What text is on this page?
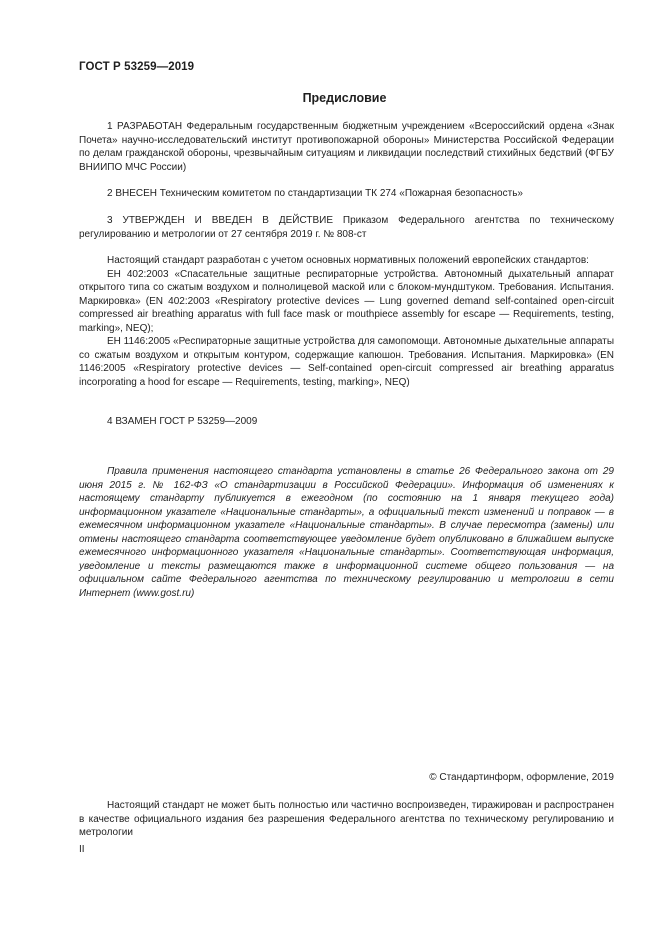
ГОСТ Р 53259—2019
Предисловие

1 РАЗРАБОТАН Федеральным государственным бюджетным учреждением «Всероссийский ордена «Знак Почета» научно-исследовательский институт противопожарной обороны» Министерства Российской Федерации по делам гражданской обороны, чрезвычайным ситуациям и ликвидации последствий стихийных бедствий (ФГБУ ВНИИПО МЧС России)

2 ВНЕСЕН Техническим комитетом по стандартизации ТК 274 «Пожарная безопасность»

3 УТВЕРЖДЕН И ВВЕДЕН В ДЕЙСТВИЕ Приказом Федерального агентства по техническому регулированию и метрологии от 27 сентября 2019 г. № 808-ст

Настоящий стандарт разработан с учетом основных нормативных положений европейских стандартов:

ЕН 402:2003 «Спасательные защитные респираторные устройства. Автономный дыхательный аппарат открытого типа со сжатым воздухом и полнолицевой маской или с блоком-мундштуком. Требования. Испытания. Маркировка» (EN 402:2003 «Respiratory protective devices — Lung governed demand self-contained open-circuit compressed air breathing apparatus with full face mask or mouthpiece assembly for escape — Requirements, testing, marking», NEQ);

ЕН 1146:2005 «Респираторные защитные устройства для самопомощи. Автономные дыхательные аппараты со сжатым воздухом и открытым контуром, содержащие капюшон. Требования. Испытания. Маркировка» (EN 1146:2005 «Respiratory protective devices — Self-contained open-circuit compressed air breathing apparatus incorporating a hood for escape — Requirements, testing, marking», NEQ)

4 ВЗАМЕН ГОСТ Р 53259—2009

Правила применения настоящего стандарта установлены в статье 26 Федерального закона от 29 июня 2015 г. № 162-ФЗ «О стандартизации в Российской Федерации». Информация об изменениях к настоящему стандарту публикуется в ежегодном (по состоянию на 1 января текущего года) информационном указателе «Национальные стандарты», а официальный текст изменений и поправок — в ежемесячном информационном указателе «Национальные стандарты». В случае пересмотра (замены) или отмены настоящего стандарта соответствующее уведомление будет опубликовано в ближайшем выпуске ежемесячного информационного указателя «Национальные стандарты». Соответствующая информация, уведомление и тексты размещаются также в информационной системе общего пользования — на официальном сайте Федерального агентства по техническому регулированию и метрологии в сети Интернет (www.gost.ru)

© Стандартинформ, оформление, 2019

Настоящий стандарт не может быть полностью или частично воспроизведен, тиражирован и распространен в качестве официального издания без разрешения Федерального агентства по техническому регулированию и метрологии

II
